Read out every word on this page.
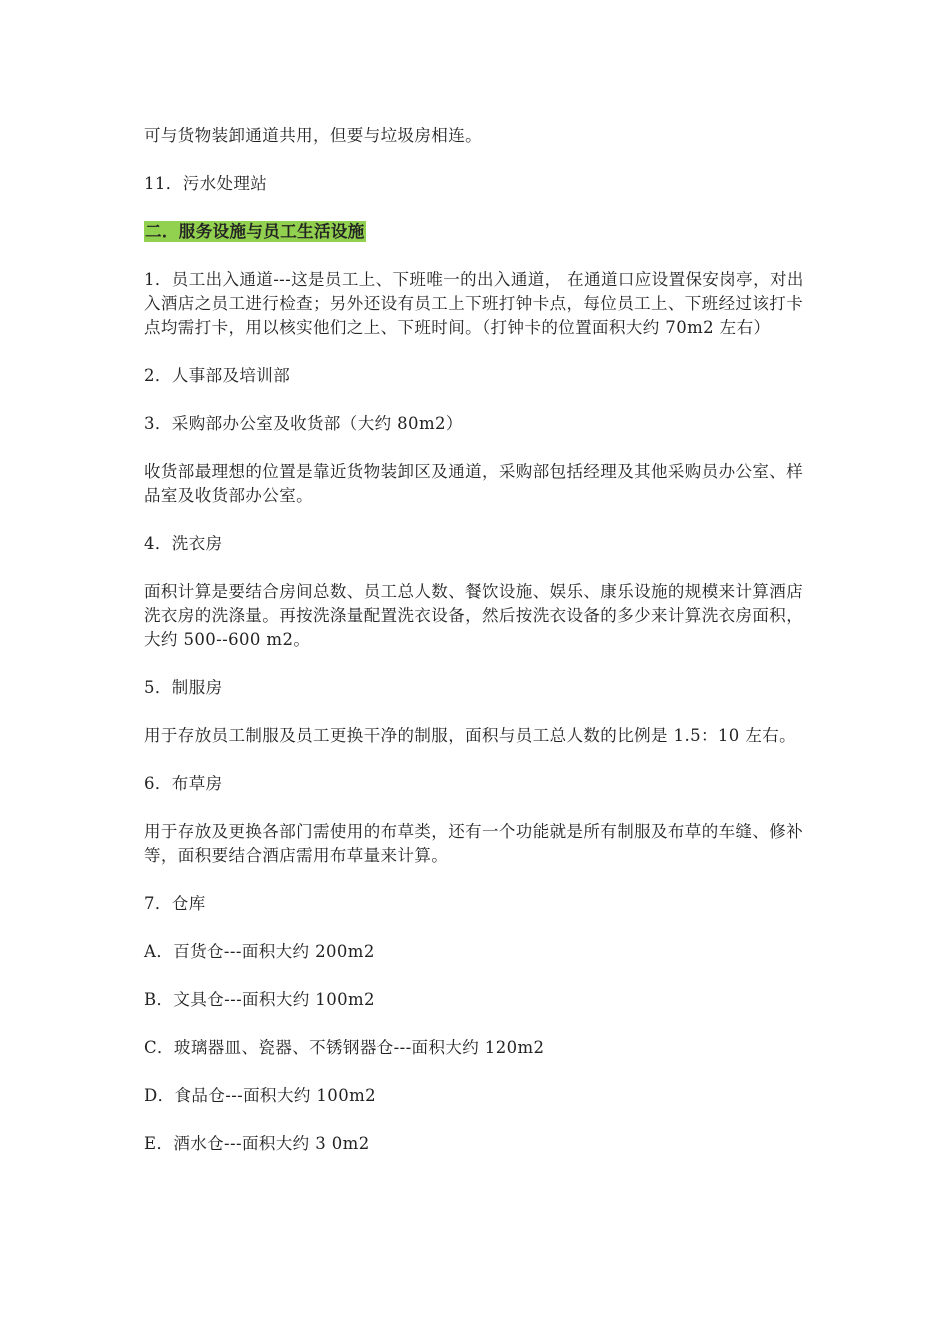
可与货物装卸通道共用，但要与垃圾房相连。

11．污水处理站

二．服务设施与员工生活设施

1．员工出入通道---这是员工上、下班唯一的出入通道， 在通道口应设置保安岗亭，对出入酒店之员工进行检查；另外还设有员工上下班打钟卡点，每位员工上、下班经过该打卡点均需打卡，用以核实他们之上、下班时间。（打钟卡的位置面积大约 70m2 左右）

2．人事部及培训部

3．采购部办公室及收货部（大约 80m2）

收货部最理想的位置是靠近货物装卸区及通道，采购部包括经理及其他采购员办公室、样品室及收货部办公室。

4．洗衣房

面积计算是要结合房间总数、员工总人数、餐饮设施、娱乐、康乐设施的规模来计算酒店洗衣房的洗涤量。再按洗涤量配置洗衣设备，然后按洗衣设备的多少来计算洗衣房面积，大约 500--600 m2。

5．制服房

用于存放员工制服及员工更换干净的制服，面积与员工总人数的比例是 1.5：10 左右。

6．布草房

用于存放及更换各部门需使用的布草类，还有一个功能就是所有制服及布草的车缝、修补等，面积要结合酒店需用布草量来计算。

7．仓库

A．百货仓---面积大约 200m2

B．文具仓---面积大约 100m2

C．玻璃器皿、瓷器、不锈钢器仓---面积大约 120m2

D．食品仓---面积大约 100m2

E．酒水仓---面积大约 3 0m2
